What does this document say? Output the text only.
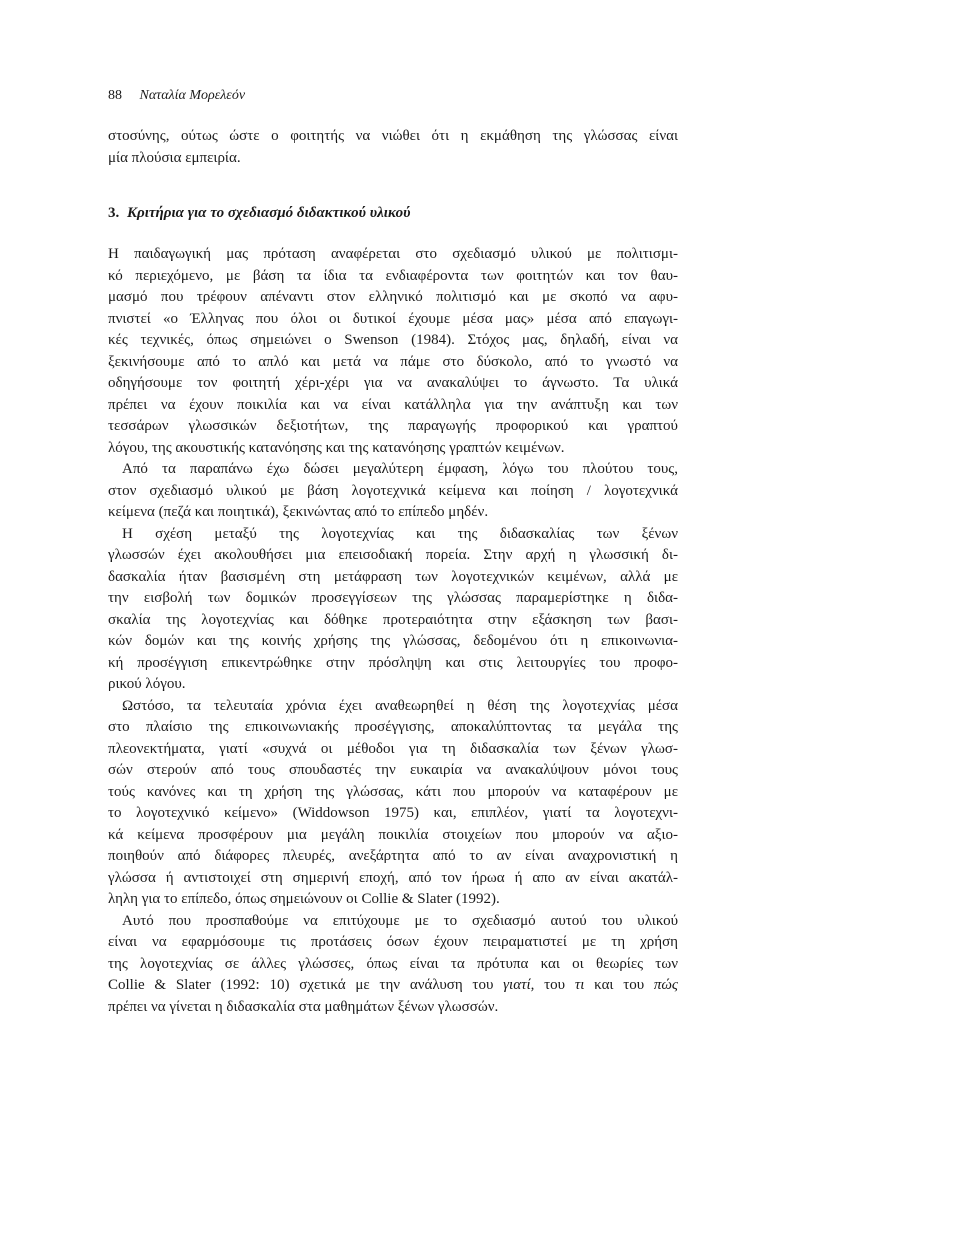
88 Ναταλία Μορελεόν
στοσύνης, ούτως ώστε ο φοιτητής να νιώθει ότι η εκμάθηση της γλώσσας είναι
μία πλούσια εμπειρία.
3. Κριτήρια για το σχεδιασμό διδακτικού υλικού
Η παιδαγωγική μας πρόταση αναφέρεται στο σχεδιασμό υλικού με πολιτισμι-
κό περιεχόμενο, με βάση τα ίδια τα ενδιαφέροντα των φοιτητών και τον θαυ-
μασμό που τρέφουν απέναντι στον ελληνικό πολιτισμό και με σκοπό να αφυ-
πνιστεί «ο Έλληνας που όλοι οι δυτικοί έχουμε μέσα μας» μέσα από επαγωγι-
κές τεχνικές, όπως σημειώνει ο Swenson (1984). Στόχος μας, δηλαδή, είναι να
ξεκινήσουμε από το απλό και μετά να πάμε στο δύσκολο, από το γνωστό να
οδηγήσουμε τον φοιτητή χέρι-χέρι για να ανακαλύψει το άγνωστο. Τα υλικά
πρέπει να έχουν ποικιλία και να είναι κατάλληλα για την ανάπτυξη και των
τεσσάρων γλωσσικών δεξιοτήτων, της παραγωγής προφορικού και γραπτού
λόγου, της ακουστικής κατανόησης και της κατανόησης γραπτών κειμένων.
Από τα παραπάνω έχω δώσει μεγαλύτερη έμφαση, λόγω του πλούτου τους,
στον σχεδιασμό υλικού με βάση λογοτεχνικά κείμενα και ποίηση / λογοτεχνικά
κείμενα (πεζά και ποιητικά), ξεκινώντας από το επίπεδο μηδέν.
Η σχέση μεταξύ της λογοτεχνίας και της διδασκαλίας των ξένων
γλωσσών έχει ακολουθήσει μια επεισοδιακή πορεία. Στην αρχή η γλωσσική δι-
δασκαλία ήταν βασισμένη στη μετάφραση των λογοτεχνικών κειμένων, αλλά με
την εισβολή των δομικών προσεγγίσεων της γλώσσας παραμερίστηκε η διδα-
σκαλία της λογοτεχνίας και δόθηκε προτεραιότητα στην εξάσκηση των βασι-
κών δομών και της κοινής χρήσης της γλώσσας, δεδομένου ότι η επικοινωνια-
κή προσέγγιση επικεντρώθηκε στην πρόσληψη και στις λειτουργίες του προφο-
ρικού λόγου.
Ωστόσο, τα τελευταία χρόνια έχει αναθεωρηθεί η θέση της λογοτεχνίας μέσα
στο πλαίσιο της επικοινωνιακής προσέγγισης, αποκαλύπτοντας τα μεγάλα της
πλεονεκτήματα, γιατί «συχνά οι μέθοδοι για τη διδασκαλία των ξένων γλωσ-
σών στερούν από τους σπουδαστές την ευκαιρία να ανακαλύψουν μόνοι τους
τούς κανόνες και τη χρήση της γλώσσας, κάτι που μπορούν να καταφέρουν με
το λογοτεχνικό κείμενο» (Widdowson 1975) και, επιπλέον, γιατί τα λογοτεχνι-
κά κείμενα προσφέρουν μια μεγάλη ποικιλία στοιχείων που μπορούν να αξιο-
ποιηθούν από διάφορες πλευρές, ανεξάρτητα από το αν είναι αναχρονιστική η
γλώσσα ή αντιστοιχεί στη σημερινή εποχή, από τον ήρωα ή απο αν είναι ακατάλ-
ληλη για το επίπεδο, όπως σημειώνουν οι Collie & Slater (1992).
Αυτό που προσπαθούμε να επιτύχουμε με το σχεδιασμό αυτού του υλικού
είναι να εφαρμόσουμε τις προτάσεις όσων έχουν πειραματιστεί με τη χρήση
της λογοτεχνίας σε άλλες γλώσσες, όπως είναι τα πρότυπα και οι θεωρίες των
Collie & Slater (1992: 10) σχετικά με την ανάλυση του γιατί, του τι και του πώς
πρέπει να γίνεται η διδασκαλία στα μαθημάτων ξένων γλωσσών.
